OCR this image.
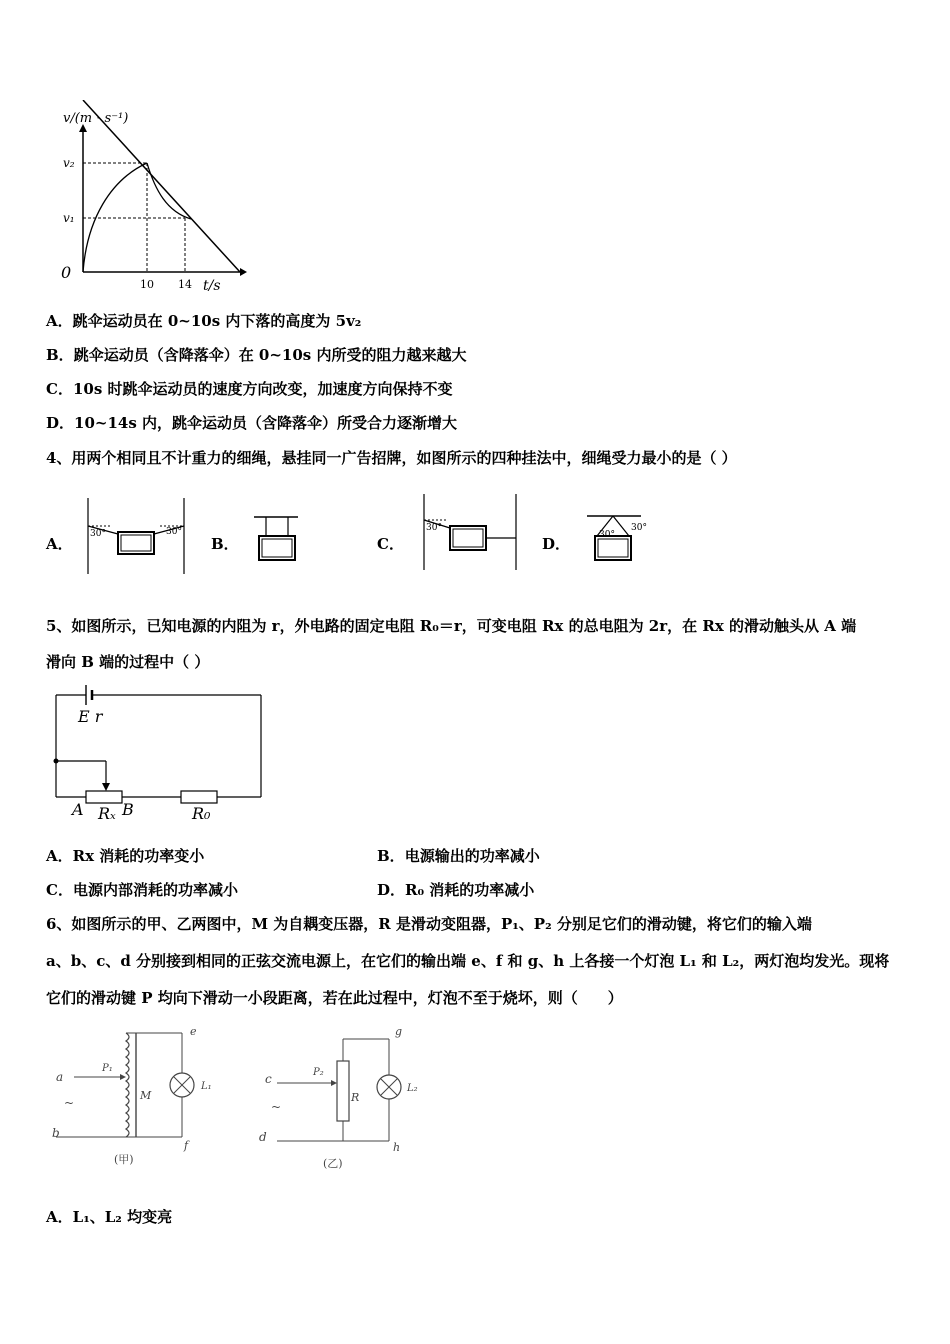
v/(m · s⁻¹)
t/s
0
v₂
v₁
10 14
A．跳伞运动员在 0~10s 内下落的高度为 5v₂
B．跳伞运动员（含降落伞）在 0~10s 内所受的阻力越来越大
C．10s 时跳伞运动员的速度方向改变，加速度方向保持不变
D．10~14s 内，跳伞运动员（含降落伞）所受合力逐渐增大
4、用两个相同且不计重力的细绳，悬挂同一广告招牌，如图所示的四种挂法中，细绳受力最小的是（ ）
A．
30°	30°
B．	C．
30°
D．	30°
30°
5、如图所示，已知电源的内阻为 r，外电路的固定电阻 R₀＝r，可变电阻 Rx 的总电阻为 2r，在 Rx 的滑动触头从 A 端
滑向 B 端的过程中（ ）
E r
A B
Rₓ	R₀
A．Rx 消耗的功率变小	B．电源输出的功率减小
C．电源内部消耗的功率减小	D．R₀ 消耗的功率减小
6、如图所示的甲、乙两图中，M 为自耦变压器，R 是滑动变阻器，P₁、P₂ 分别足它们的滑动键，将它们的输入端
a、b、c、d 分别接到相同的正弦交流电源上，在它们的输出端 e、f 和 g、h 上各接一个灯泡 L₁ 和 L₂，两灯泡均发光。现将
它们的滑动键 P 均向下滑动一小段距离，若在此过程中，灯泡不至于烧坏，则（　　）
a
b
~
P₁
M
e
f
L₁
(甲)
c
d
~
P₂
R
g
h
L₂
(乙)
A．L₁、L₂ 均变亮
